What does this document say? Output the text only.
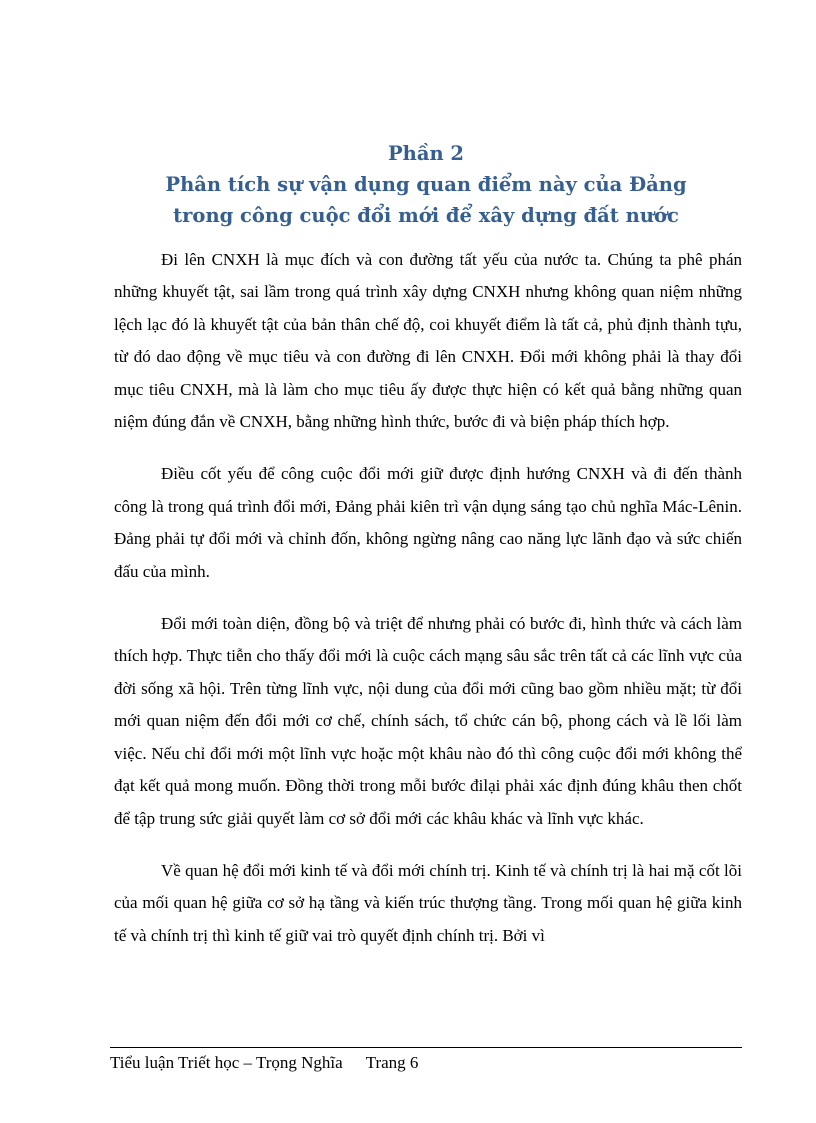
Phần 2
Phân tích sự vận dụng quan điểm này của Đảng
trong công cuộc đổi mới để xây dựng đất nước

Đi lên CNXH là mục đích và con đường tất yếu của nước ta. Chúng ta phê phán những khuyết tật, sai lầm trong quá trình xây dựng CNXH nhưng không quan niệm những lệch lạc đó là khuyết tật của bản thân chế độ, coi khuyết điểm là tất cả, phủ định thành tựu, từ đó dao động về mục tiêu và con đường đi lên CNXH. Đổi mới không phải là thay đổi mục tiêu CNXH, mà là làm cho mục tiêu ấy được thực hiện có kết quả bằng những quan niệm đúng đắn về CNXH, bằng những hình thức, bước đi và biện pháp thích hợp.

Điều cốt yếu để công cuộc đổi mới giữ được định hướng CNXH và đi đến thành công là trong quá trình đổi mới, Đảng phải kiên trì vận dụng sáng tạo chủ nghĩa Mác-Lênin. Đảng phải tự đổi mới và chỉnh đốn, không ngừng nâng cao năng lực lãnh đạo và sức chiến đấu của mình.

Đổi mới toàn diện, đồng bộ và triệt để nhưng phải có bước đi, hình thức và cách làm thích hợp. Thực tiễn cho thấy đổi mới là cuộc cách mạng sâu sắc trên tất cả các lĩnh vực của đời sống xã hội. Trên từng lĩnh vực, nội dung của đổi mới cũng bao gồm nhiều mặt; từ đổi mới quan niệm đến đổi mới cơ chế, chính sách, tổ chức cán bộ, phong cách và lề lối làm việc. Nếu chỉ đổi mới một lĩnh vực hoặc một khâu nào đó thì công cuộc đổi mới không thể đạt kết quả mong muốn. Đồng thời trong mỗi bước đilại phải xác định đúng khâu then chốt để tập trung sức giải quyết làm cơ sở đổi mới các khâu khác và lĩnh vực khác.

Về quan hệ đổi mới kinh tế và đổi mới chính trị. Kinh tế và chính trị là hai mặ cốt lõi của mối quan hệ giữa cơ sở hạ tầng và kiến trúc thượng tầng. Trong mối quan hệ giữa kinh tế và chính trị thì kinh tế giữ vai trò quyết định chính trị. Bởi vì

Tiểu luận Triết học – Trọng Nghĩa Trang 6
